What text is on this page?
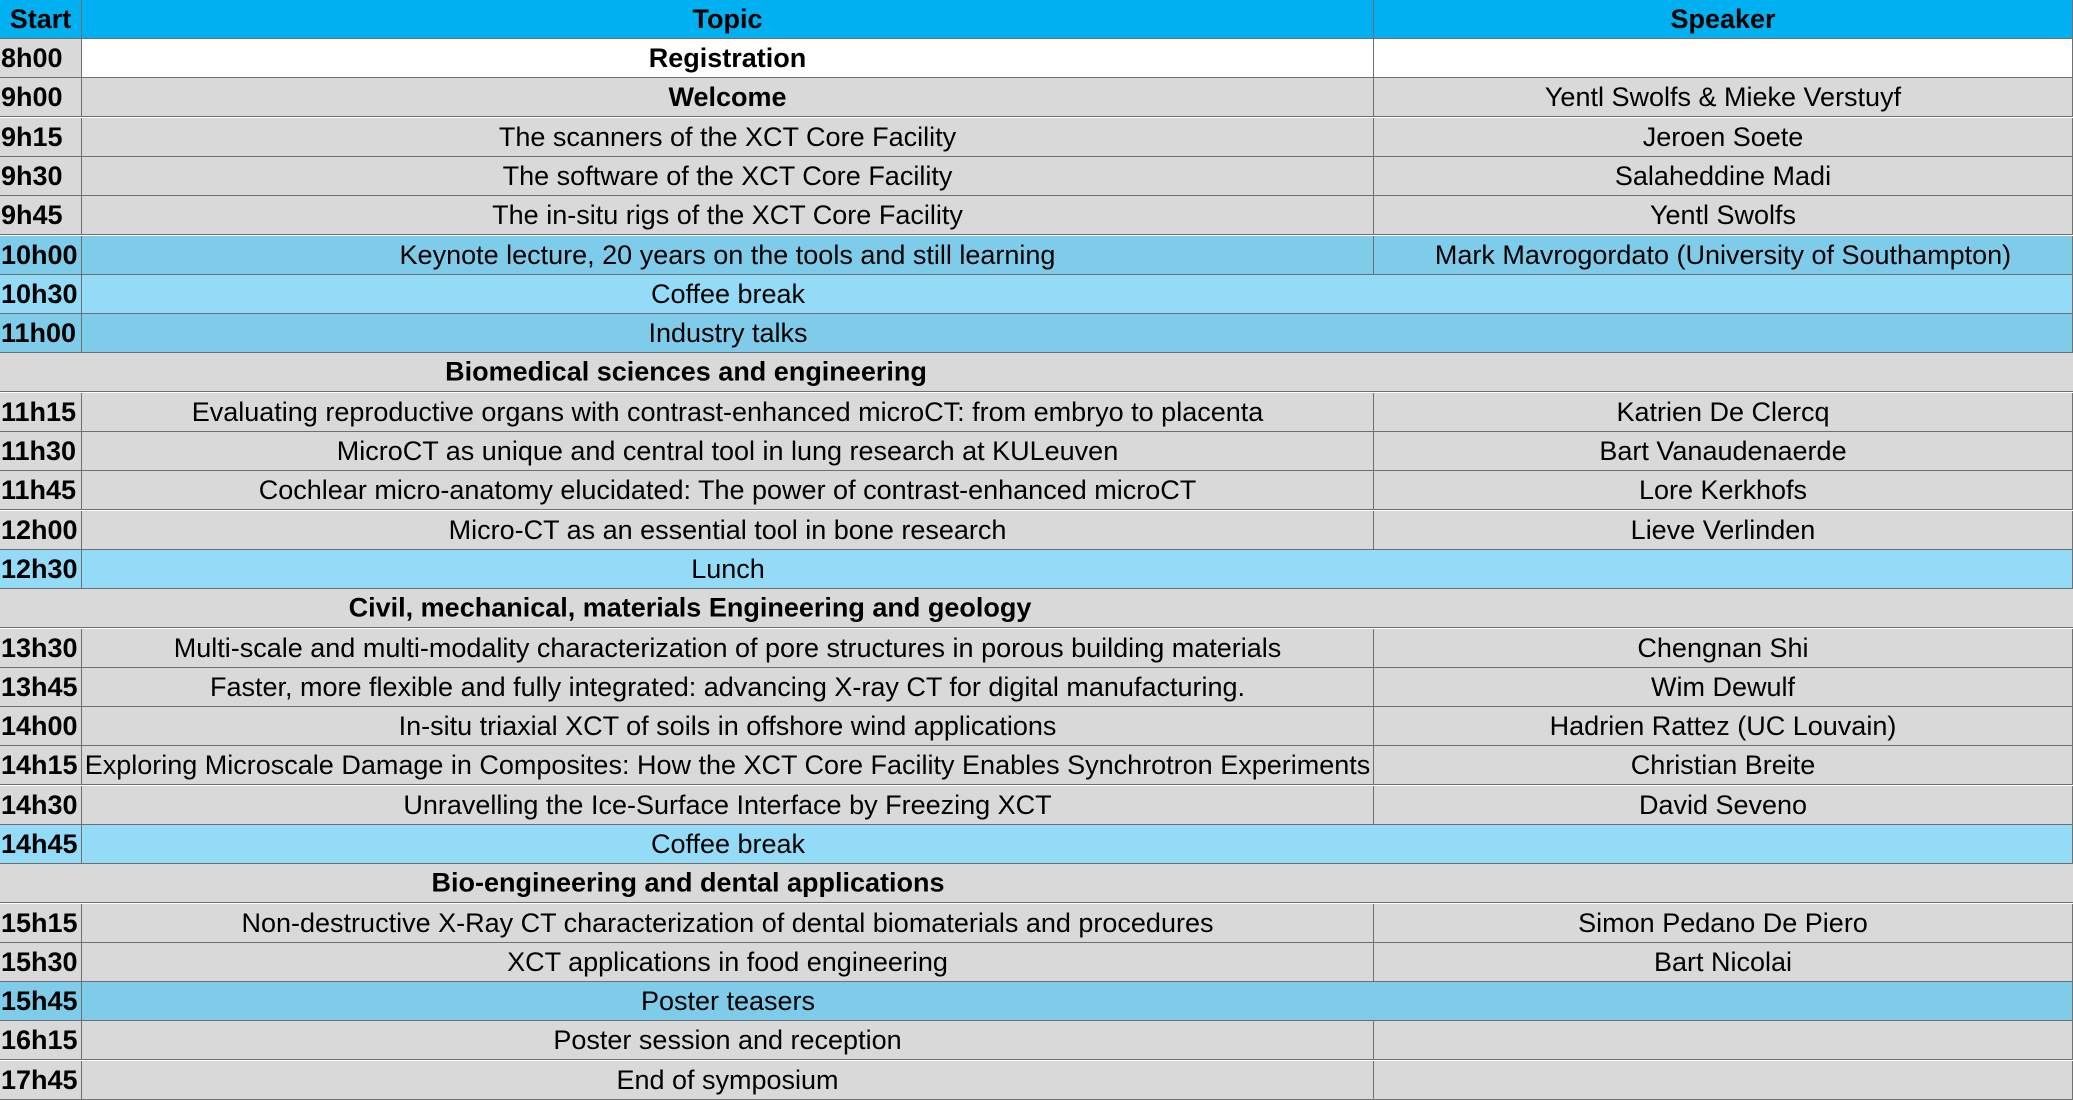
Start	Topic	Speaker
8h00	Registration
9h00	Welcome	Yentl Swolfs & Mieke Verstuyf
9h15	The scanners of the XCT Core Facility	Jeroen Soete
9h30	The software of the XCT Core Facility	Salaheddine Madi
9h45	The in-situ rigs of the XCT Core Facility	Yentl Swolfs
10h00	Keynote lecture, 20 years on the tools and still learning	Mark Mavrogordato (University of Southampton)
10h30	Coffee break
11h00	Industry talks
Biomedical sciences and engineering
11h15	Evaluating reproductive organs with contrast-enhanced microCT: from embryo to placenta	Katrien De Clercq
11h30	MicroCT as unique and central tool in lung research at KULeuven	Bart Vanaudenaerde
11h45	Cochlear micro-anatomy elucidated: The power of contrast-enhanced microCT	Lore Kerkhofs
12h00	Micro-CT as an essential tool in bone research	Lieve Verlinden
12h30	Lunch
Civil, mechanical, materials Engineering and geology
13h30	Multi-scale and multi-modality characterization of pore structures in porous building materials	Chengnan Shi
13h45	Faster, more flexible and fully integrated: advancing X-ray CT for digital manufacturing.	Wim Dewulf
14h00	In-situ triaxial XCT of soils in offshore wind applications	Hadrien Rattez (UC Louvain)
14h15 Exploring Microscale Damage in Composites: How the XCT Core Facility Enables Synchrotron Experiments	Christian Breite
14h30	Unravelling the Ice-Surface Interface by Freezing XCT	David Seveno
14h45	Coffee break
Bio-engineering and dental applications
15h15	Non-destructive X-Ray CT characterization of dental biomaterials and procedures	Simon Pedano De Piero
15h30	XCT applications in food engineering	Bart Nicolai
15h45	Poster teasers
16h15	Poster session and reception
17h45	End of symposium
